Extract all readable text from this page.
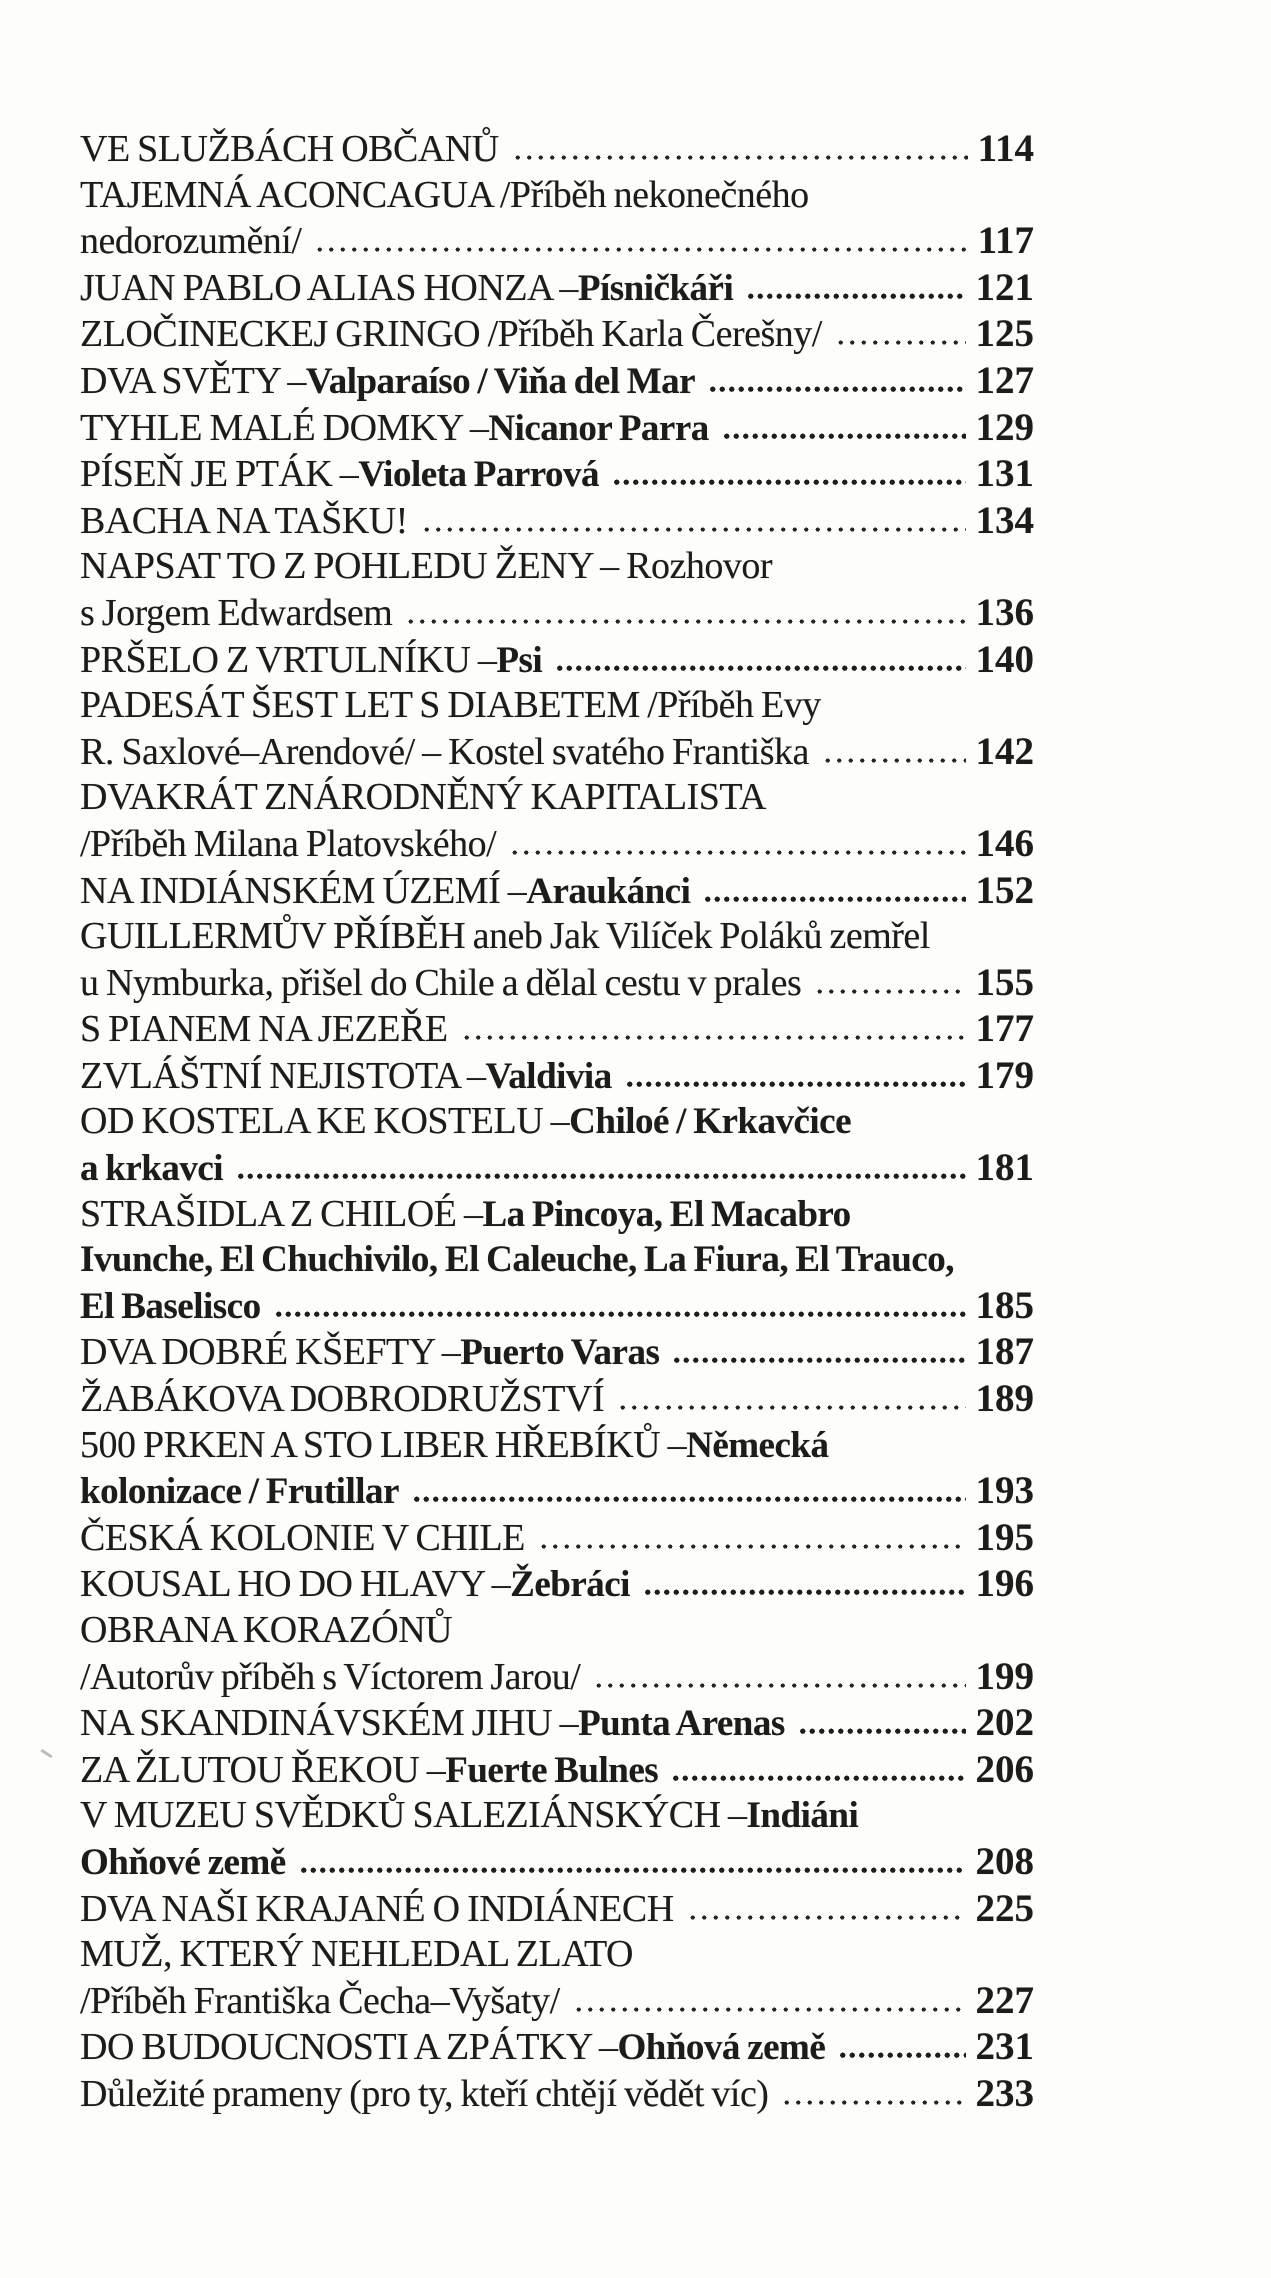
VE SLUŽBÁCH OBČANŮ	114
TAJEMNÁ ACONCAGUA /Příběh nekonečného
nedorozumění/	117
JUAN PABLO ALIAS HONZA – Písničkáři	121
ZLOČINECKEJ GRINGO /Příběh Karla Čerešny/	125
DVA SVĚTY – Valparaíso / Viňa del Mar	127
TYHLE MALÉ DOMKY – Nicanor Parra	129
PÍSEŇ JE PTÁK – Violeta Parrová	131
BACHA NA TAŠKU!	134
NAPSAT TO Z POHLEDU ŽENY – Rozhovor
s Jorgem Edwardsem	136
PRŠELO Z VRTULNÍKU – Psi	140
PADESÁT ŠEST LET S DIABETEM /Příběh Evy
R. Saxlové–Arendové/ – Kostel svatého Františka	142
DVAKRÁT ZNÁRODNĚNÝ KAPITALISTA
/Příběh Milana Platovského/	146
NA INDIÁNSKÉM ÚZEMÍ – Araukánci	152
GUILLERMŮV PŘÍBĚH aneb Jak Vilíček Poláků zemřel
u Nymburka, přišel do Chile a dělal cestu v prales	155
S PIANEM NA JEZEŘE	177
ZVLÁŠTNÍ NEJISTOTA – Valdivia	179
OD KOSTELA KE KOSTELU – Chiloé / Krkavčice
a krkavci	181
STRAŠIDLA Z CHILOÉ – La Pincoya, El Macabro
Ivunche, El Chuchivilo, El Caleuche, La Fiura, El Trauco,
El Baselisco	185
DVA DOBRÉ KŠEFTY – Puerto Varas	187
ŽABÁKOVA DOBRODRUŽSTVÍ	189
500 PRKEN A STO LIBER HŘEBÍKŮ – Německá
kolonizace / Frutillar	193
ČESKÁ KOLONIE V CHILE	195
KOUSAL HO DO HLAVY – Žebráci	196
OBRANA KORAZÓNŮ
/Autorův příběh s Víctorem Jarou/	199
NA SKANDINÁVSKÉM JIHU – Punta Arenas	202
ZA ŽLUTOU ŘEKOU – Fuerte Bulnes	206
V MUZEU SVĚDKŮ SALEZIÁNSKÝCH – Indiáni
Ohňové země	208
DVA NAŠI KRAJANÉ O INDIÁNECH	225
MUŽ, KTERÝ NEHLEDAL ZLATO
/Příběh Františka Čecha–Vyšaty/	227
DO BUDOUCNOSTI A ZPÁTKY – Ohňová země	231
Důležité prameny (pro ty, kteří chtějí vědět víc)	233
